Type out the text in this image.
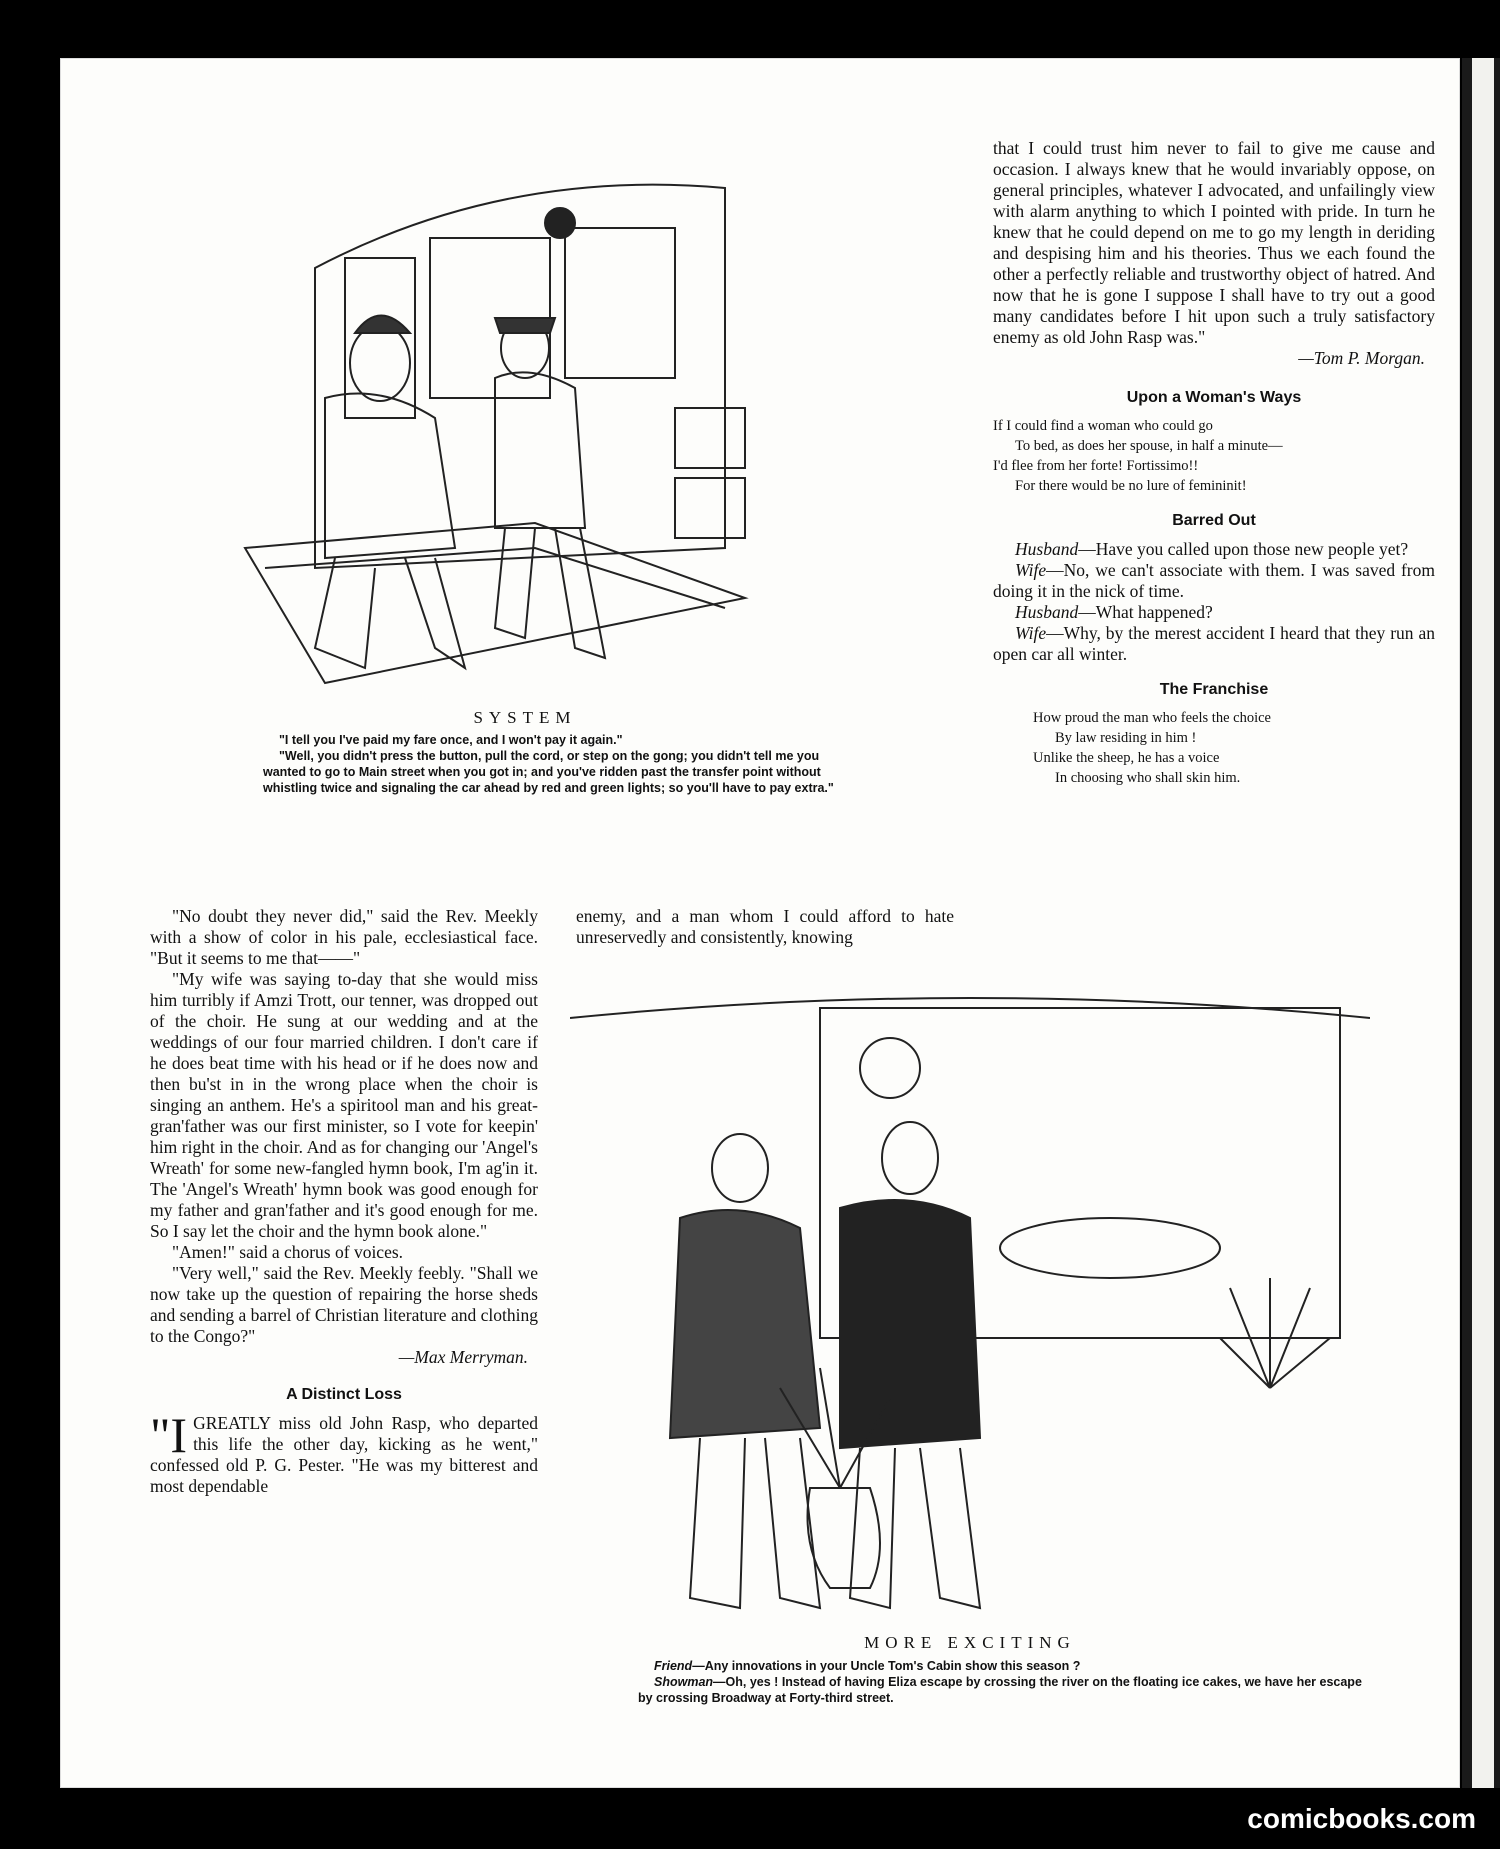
SYSTEM

"I tell you I've paid my fare once, and I won't pay it again."

"Well, you didn't press the button, pull the cord, or step on the gong; you didn't tell me you wanted to go to Main street when you got in; and you've ridden past the transfer point without whistling twice and signaling the car ahead by red and green lights; so you'll have to pay extra."

that I could trust him never to fail to give me cause and occasion. I always knew that he would invariably oppose, on general principles, whatever I advocated, and unfailingly view with alarm anything to which I pointed with pride. In turn he knew that he could depend on me to go my length in deriding and despising him and his theories. Thus we each found the other a perfectly reliable and trustworthy object of hatred. And now that he is gone I suppose I shall have to try out a good many candidates before I hit upon such a truly satisfactory enemy as old John Rasp was."

—Tom P. Morgan.
Upon a Woman's Ways
If I could find a woman who could go
To bed, as does her spouse, in half a minute—
I'd flee from her forte! Fortissimo!!
For there would be no lure of femininit!
Barred Out

Husband—Have you called upon those new people yet?

Wife—No, we can't associate with them. I was saved from doing it in the nick of time.

Husband—What happened?

Wife—Why, by the merest accident I heard that they run an open car all winter.

The Franchise
How proud the man who feels the choice
By law residing in him !
Unlike the sheep, he has a voice
In choosing who shall skin him.

"No doubt they never did," said the Rev. Meekly with a show of color in his pale, ecclesiastical face. "But it seems to me that——"

"My wife was saying to-day that she would miss him turribly if Amzi Trott, our tenner, was dropped out of the choir. He sung at our wedding and at the weddings of our four married children. I don't care if he does beat time with his head or if he does now and then bu'st in in the wrong place when the choir is singing an anthem. He's a spiritool man and his great-gran'father was our first minister, so I vote for keepin' him right in the choir. And as for changing our 'Angel's Wreath' for some new-fangled hymn book, I'm ag'in it. The 'Angel's Wreath' hymn book was good enough for my father and gran'father and it's good enough for me. So I say let the choir and the hymn book alone."

"Amen!" said a chorus of voices.

"Very well," said the Rev. Meekly feebly. "Shall we now take up the question of repairing the horse sheds and sending a barrel of Christian literature and clothing to the Congo?"

—Max Merryman.
A Distinct Loss

"I GREATLY miss old John Rasp, who departed this life the other day, kicking as he went," confessed old P. G. Pester. "He was my bitterest and most dependable

enemy, and a man whom I could afford to hate unreservedly and consistently, knowing

MORE EXCITING

Friend—Any innovations in your Uncle Tom's Cabin show this season ?

Showman—Oh, yes ! Instead of having Eliza escape by crossing the river on the floating ice cakes, we have her escape by crossing Broadway at Forty-third street.

comicbooks.com
